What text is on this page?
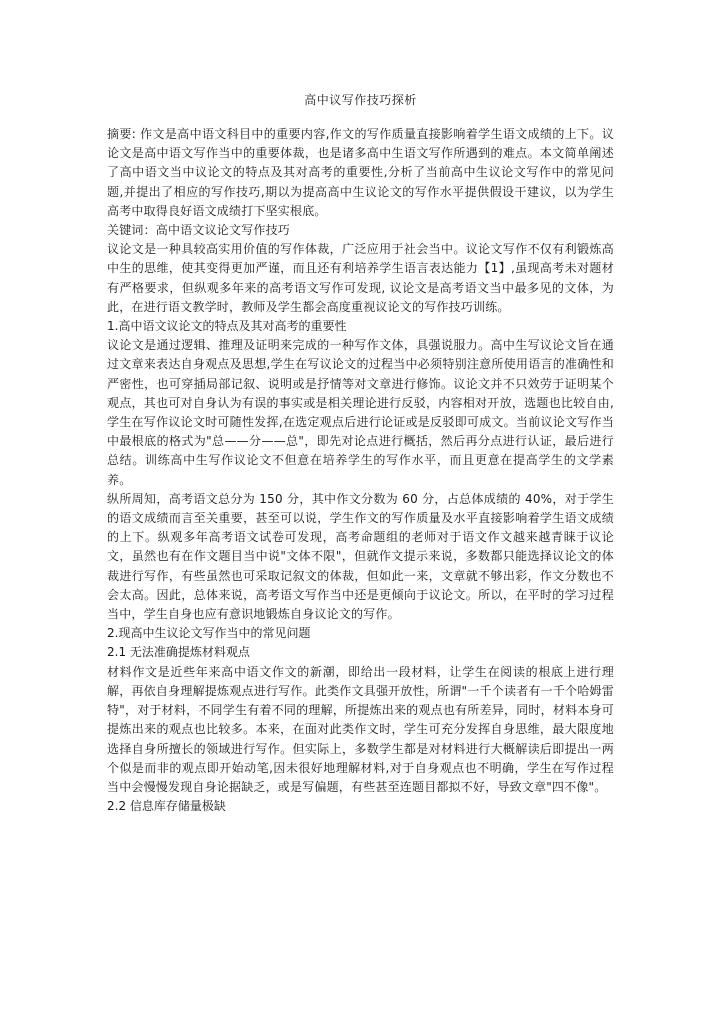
高中议写作技巧探析

摘要: 作文是高中语文科目中的重要内容,作文的写作质量直接影响着学生语文成绩的上下。议论文是高中语文写作当中的重要体裁，也是诸多高中生语文写作所遇到的难点。本文简单阐述了高中语文当中议论文的特点及其对高考的重要性,分析了当前高中生议论文写作中的常见问题,并提出了相应的写作技巧,期以为提高高中生议论文的写作水平提供假设干建议，以为学生高考中取得良好语文成绩打下坚实根底。

关键词：高中语文议论文写作技巧

议论文是一种具较高实用价值的写作体裁，广泛应用于社会当中。议论文写作不仅有利锻炼高中生的思维，使其变得更加严谨，而且还有利培养学生语言表达能力【1】,虽现高考未对题材有严格要求，但纵观多年来的高考语文写作可发现, 议论文是高考语文当中最多见的文体，为此，在进行语文教学时，教师及学生都会高度重视议论文的写作技巧训练。

1.高中语文议论文的特点及其对高考的重要性

议论文是通过逻辑、推理及证明来完成的一种写作文体，具强说服力。高中生写议论文旨在通过文章来表达自身观点及思想,学生在写议论文的过程当中必须特别注意所使用语言的准确性和严密性，也可穿插局部记叙、说明或是抒情等对文章进行修饰。议论文并不只效劳于证明某个观点，其也可对自身认为有误的事实或是相关理论进行反驳，内容相对开放，选题也比较自由,学生在写作议论文时可随性发挥,在选定观点后进行论证或是反驳即可成文。当前议论文写作当中最根底的格式为"总——分——总"，即先对论点进行概括，然后再分点进行认证，最后进行总结。训练高中生写作议论文不但意在培养学生的写作水平，而且更意在提高学生的文学素养。

纵所周知，高考语文总分为 150 分，其中作文分数为 60 分，占总体成绩的 40%，对于学生的语文成绩而言至关重要，甚至可以说，学生作文的写作质量及水平直接影响着学生语文成绩的上下。纵观多年高考语文试卷可发现，高考命题组的老师对于语文作文越来越青睐于议论文，虽然也有在作文题目当中说"文体不限"，但就作文提示来说，多数都只能选择议论文的体裁进行写作，有些虽然也可采取记叙文的体裁，但如此一来，文章就不够出彩，作文分数也不会太高。因此，总体来说，高考语文写作当中还是更倾向于议论文。所以，在平时的学习过程当中，学生自身也应有意识地锻炼自身议论文的写作。

2.现高中生议论文写作当中的常见问题

2.1 无法准确提炼材料观点

材料作文是近些年来高中语文作文的新潮，即给出一段材料，让学生在阅读的根底上进行理解，再依自身理解提炼观点进行写作。此类作文具强开放性，所谓"一千个读者有一千个哈姆雷特"，对于材料，不同学生有着不同的理解，所提炼出来的观点也有所差异，同时，材料本身可提炼出来的观点也比较多。本来，在面对此类作文时，学生可充分发挥自身思维，最大限度地选择自身所擅长的领域进行写作。但实际上，多数学生都是对材料进行大概解读后即提出一两个似是而非的观点即开始动笔,因未很好地理解材料,对于自身观点也不明确，学生在写作过程当中会慢慢发现自身论据缺乏，或是写偏题，有些甚至连题目都拟不好，导致文章"四不像"。

2.2 信息库存储量极缺
